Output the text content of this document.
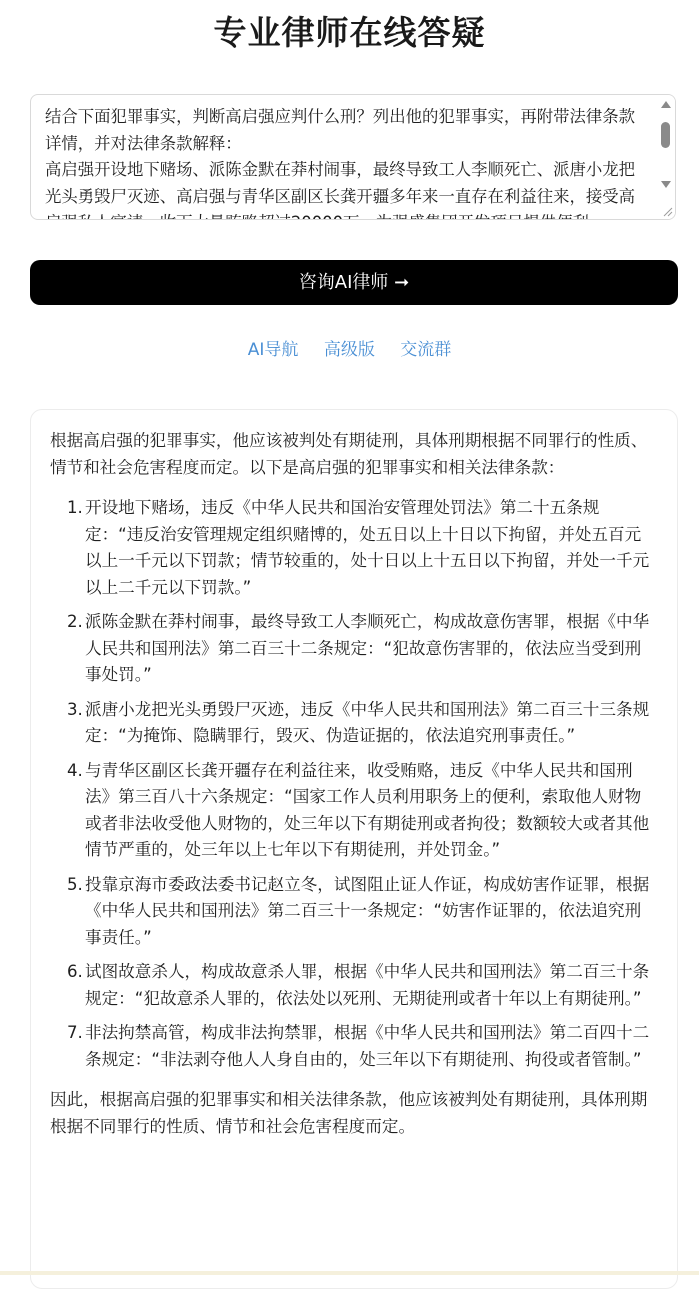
专业律师在线答疑
结合下面犯罪事实，判断高启强应判什么刑？列出他的犯罪事实，再附带法律条款详情，并对法律条款解释： 高启强开设地下赌场、派陈金默在莽村闹事，最终导致工人李顺死亡、派唐小龙把光头勇毁尸灭迹、高启强与青华区副区长龚开疆多年来一直存在利益往来，接受高启强私人宴请，收下大量贿赂超过20000万，为强盛集团开发项目提供便利
咨询AI律师 ➞
AI导航 高级版 交流群

根据高启强的犯罪事实，他应该被判处有期徒刑，具体刑期根据不同罪行的性质、情节和社会危害程度而定。以下是高启强的犯罪事实和相关法律条款：

1. 开设地下赌场，违反《中华人民共和国治安管理处罚法》第二十五条规定：“违反治安管理规定组织赌博的，处五日以上十日以下拘留，并处五百元以上一千元以下罚款；情节较重的，处十日以上十五日以下拘留，并处一千元以上二千元以下罚款。”
2. 派陈金默在莽村闹事，最终导致工人李顺死亡，构成故意伤害罪，根据《中华人民共和国刑法》第二百三十二条规定：“犯故意伤害罪的，依法应当受到刑事处罚。”
3. 派唐小龙把光头勇毁尸灭迹，违反《中华人民共和国刑法》第二百三十三条规定：“为掩饰、隐瞒罪行，毁灭、伪造证据的，依法追究刑事责任。”
4. 与青华区副区长龚开疆存在利益往来，收受贿赂，违反《中华人民共和国刑法》第三百八十六条规定：“国家工作人员利用职务上的便利，索取他人财物或者非法收受他人财物的，处三年以下有期徒刑或者拘役；数额较大或者其他情节严重的，处三年以上七年以下有期徒刑，并处罚金。”
5. 投靠京海市委政法委书记赵立冬，试图阻止证人作证，构成妨害作证罪，根据《中华人民共和国刑法》第二百三十一条规定：“妨害作证罪的，依法追究刑事责任。”
6. 试图故意杀人，构成故意杀人罪，根据《中华人民共和国刑法》第二百三十条规定：“犯故意杀人罪的，依法处以死刑、无期徒刑或者十年以上有期徒刑。”
7. 非法拘禁高管，构成非法拘禁罪，根据《中华人民共和国刑法》第二百四十二条规定：“非法剥夺他人人身自由的，处三年以下有期徒刑、拘役或者管制。”

因此，根据高启强的犯罪事实和相关法律条款，他应该被判处有期徒刑，具体刑期根据不同罪行的性质、情节和社会危害程度而定。
